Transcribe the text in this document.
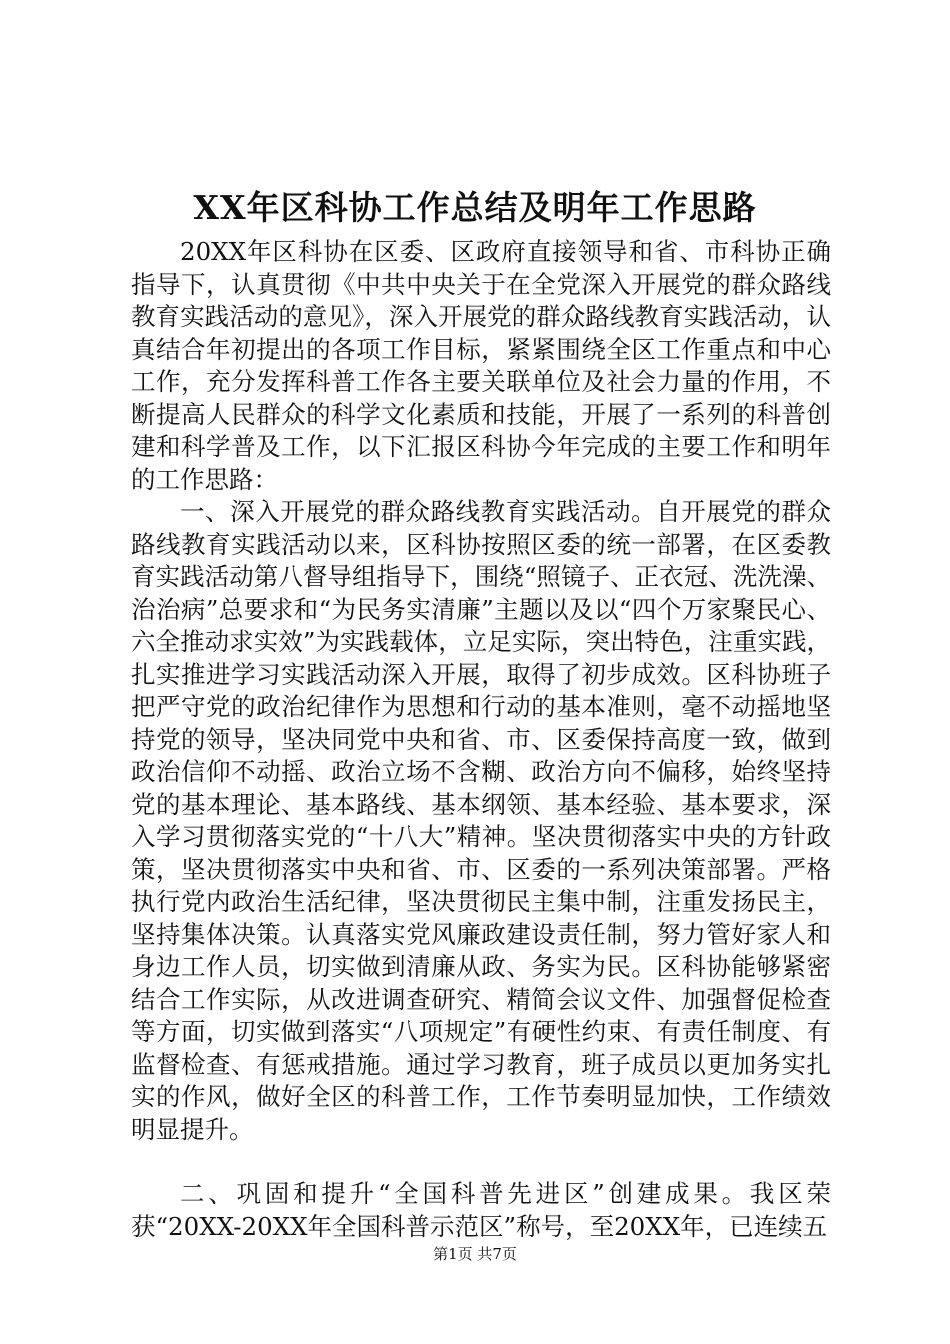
XX年区科协工作总结及明年工作思路

20XX年区科协在区委、区政府直接领导和省、市科协正确指导下，认真贯彻《中共中央关于在全党深入开展党的群众路线教育实践活动的意见》，深入开展党的群众路线教育实践活动，认真结合年初提出的各项工作目标，紧紧围绕全区工作重点和中心工作，充分发挥科普工作各主要关联单位及社会力量的作用，不断提高人民群众的科学文化素质和技能，开展了一系列的科普创建和科学普及工作，以下汇报区科协今年完成的主要工作和明年的工作思路：

一、深入开展党的群众路线教育实践活动。自开展党的群众路线教育实践活动以来，区科协按照区委的统一部署，在区委教育实践活动第八督导组指导下，围绕“照镜子、正衣冠、洗洗澡、治治病”总要求和“为民务实清廉”主题以及以“四个万家聚民心、六全推动求实效”为实践载体，立足实际，突出特色，注重实践，扎实推进学习实践活动深入开展，取得了初步成效。区科协班子把严守党的政治纪律作为思想和行动的基本准则，毫不动摇地坚持党的领导，坚决同党中央和省、市、区委保持高度一致，做到政治信仰不动摇、政治立场不含糊、政治方向不偏移，始终坚持党的基本理论、基本路线、基本纲领、基本经验、基本要求，深入学习贯彻落实党的“十八大”精神。坚决贯彻落实中央的方针政策，坚决贯彻落实中央和省、市、区委的一系列决策部署。严格执行党内政治生活纪律，坚决贯彻民主集中制，注重发扬民主，坚持集体决策。认真落实党风廉政建设责任制，努力管好家人和身边工作人员，切实做到清廉从政、务实为民。区科协能够紧密结合工作实际，从改进调查研究、精简会议文件、加强督促检查等方面，切实做到落实“八项规定”有硬性约束、有责任制度、有监督检查、有惩戒措施。通过学习教育，班子成员以更加务实扎实的作风，做好全区的科普工作，工作节奏明显加快，工作绩效明显提升。

二、巩固和提升“全国科普先进区”创建成果。我区荣获“20XX-20XX年全国科普示范区”称号，至20XX年，已连续五

第1页 共7页
